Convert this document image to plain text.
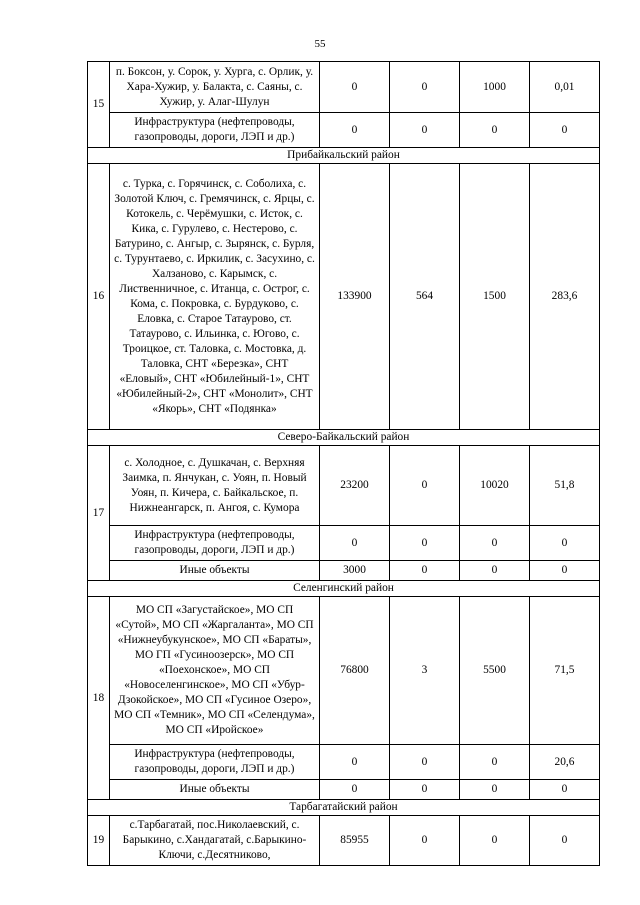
55
15	п. Боксон, у. Сорок, у. Хурга, с. Орлик, у. Хара-Хужир, у. Балакта, с. Саяны, с. Хужир, у. Алаг-Шулун	0	0	1000	0,01
	Инфраструктура (нефтепроводы, газопроводы, дороги, ЛЭП и др.)	0	0	0	0
Прибайкальский район					
16	с. Турка, с. Горячинск, с. Соболиха, с. Золотой Ключ, с. Гремячинск, с. Ярцы, с. Котокель, с. Черёмушки, с. Исток, с. Кика, с. Гурулево, с. Нестерово, с. Батурино, с. Ангыр, с. Зырянск, с. Бурля, с. Турунтаево, с. Иркилик, с. Засухино, с. Халзаново, с. Карымск, с. Лиственничное, с. Итанца, с. Острог, с. Кома, с. Покровка, с. Бурдуково, с. Еловка, с. Старое Татаурово, ст. Татаурово, с. Ильинка, с. Югово, с. Троицкое, ст. Таловка, с. Мостовка, д. Таловка, СНТ «Березка», СНТ «Еловый», СНТ «Юбилейный-1», СНТ «Юбилейный-2», СНТ «Монолит», СНТ «Якорь», СНТ «Подянка»	133900	564	1500	283,6
Северо-Байкальский район					
17	с. Холодное, с. Душкачан, с. Верхняя Заимка, п. Янчукан, с. Уоян, п. Новый Уоян, п. Кичера, с. Байкальское, п. Нижнеангарск, п. Ангоя, с. Кумора	23200	0	10020	51,8
	Инфраструктура (нефтепроводы, газопроводы, дороги, ЛЭП и др.)	0	0	0	0
	Иные объекты	3000	0	0	0
Селенгинский район					
18	МО СП «Загустайское», МО СП «Сутой», МО СП «Жаргаланта», МО СП «Нижнеубукунское», МО СП «Бараты», МО ГП «Гусиноозерск», МО СП «Поехонское», МО СП «Новоселенгинское», МО СП «Убур-Дзокойское», МО СП «Гусиное Озеро», МО СП «Темник», МО СП «Селендума», МО СП «Иройское»	76800	3	5500	71,5
	Инфраструктура (нефтепроводы, газопроводы, дороги, ЛЭП и др.)	0	0	0	20,6
	Иные объекты	0	0	0	0
Тарбагатайский район					
19	с.Тарбагатай, пос.Николаевский, с. Барыкино, с.Хандагатай, с.Барыкино-Ключи, с.Десятниково,	85955	0	0	0
